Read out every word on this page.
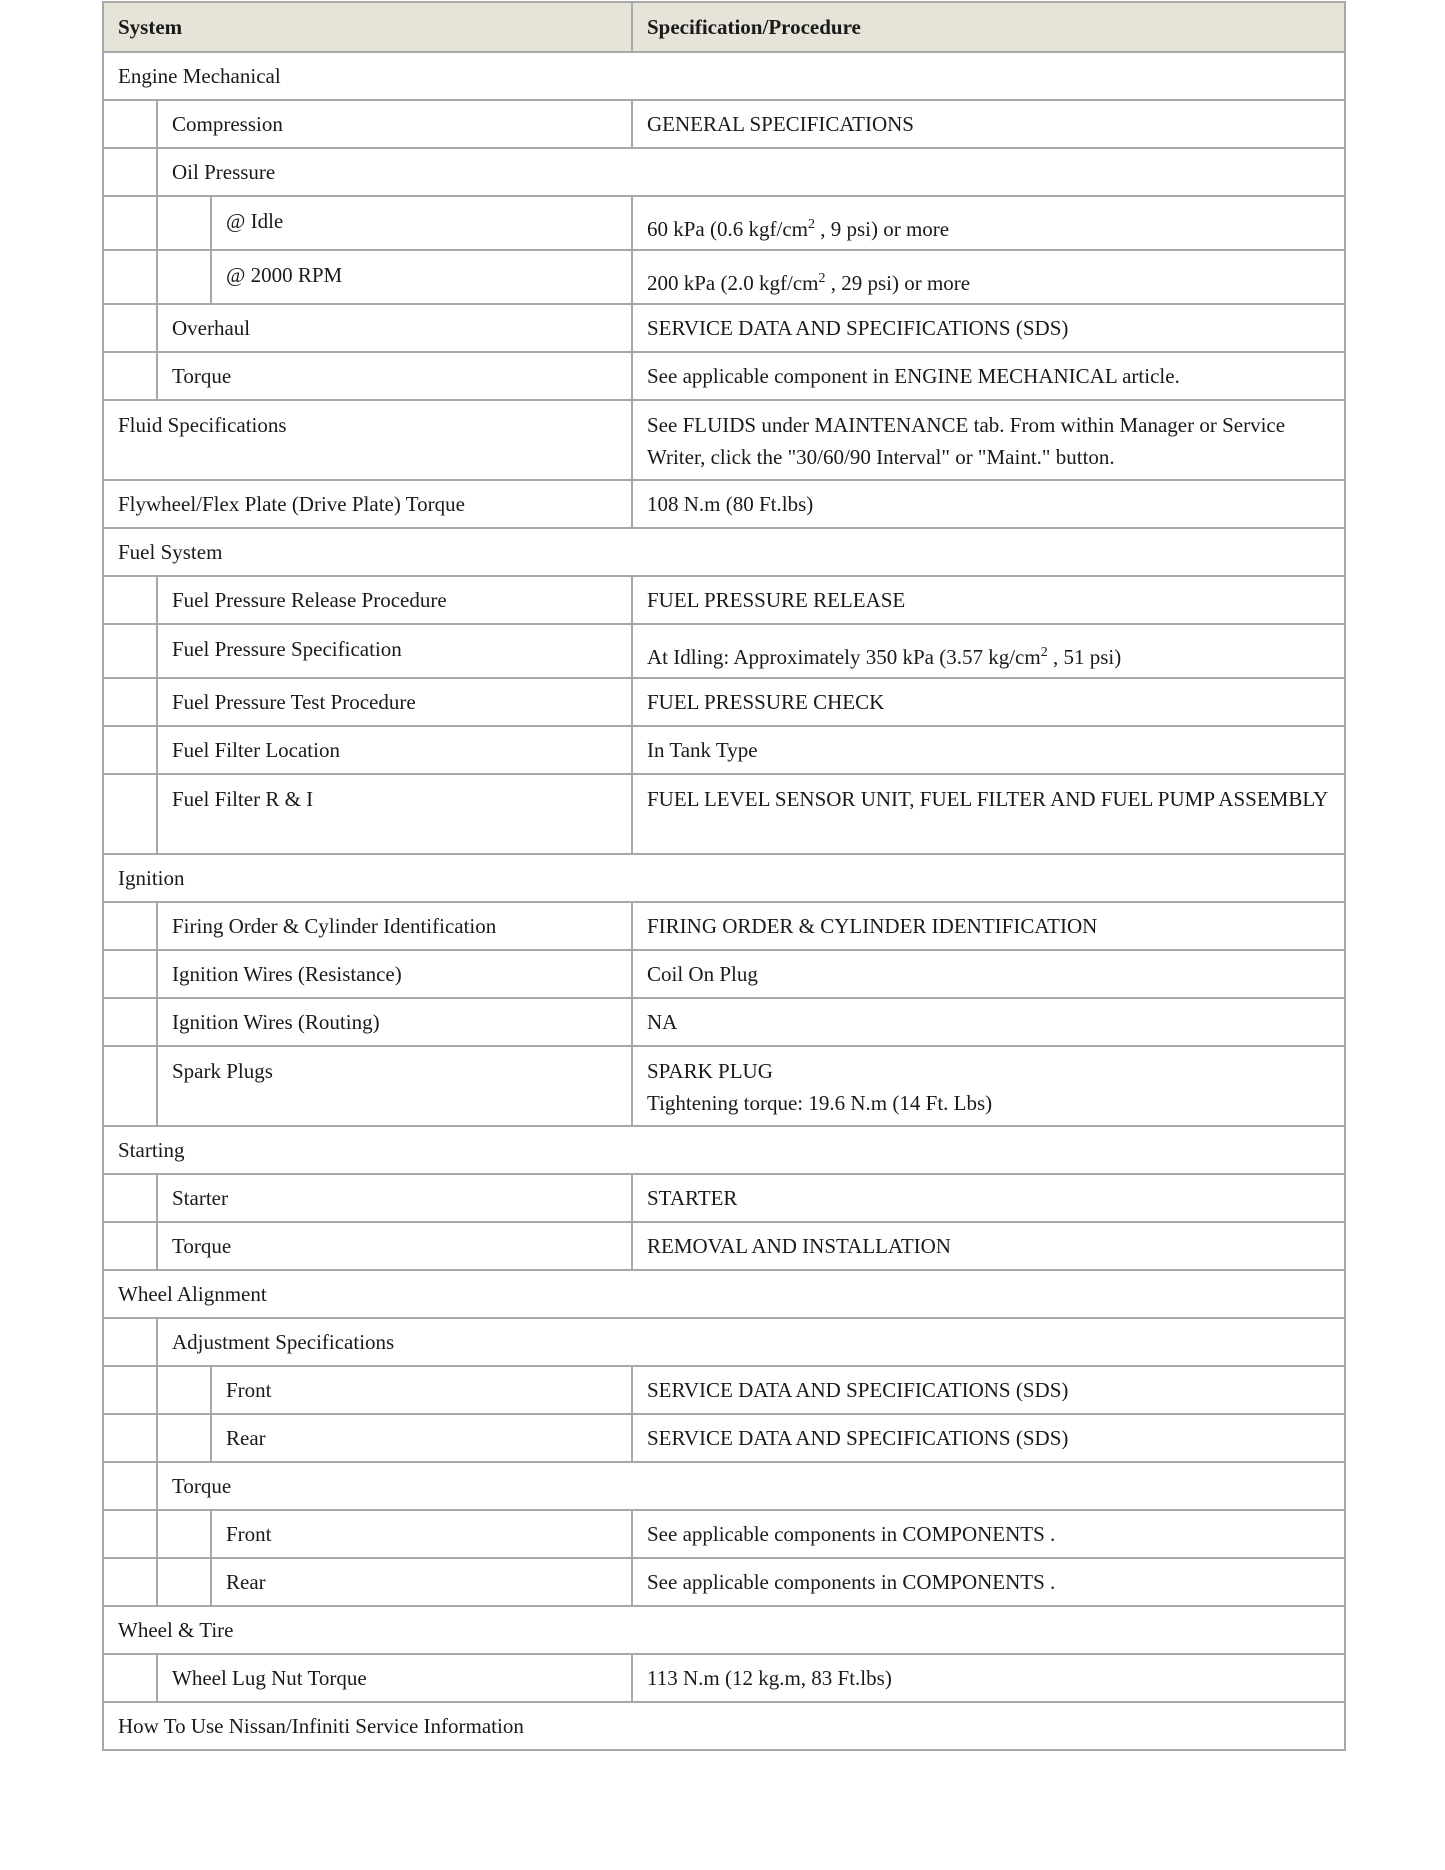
System			Specification/Procedure
Engine Mechanical			
	Compression		GENERAL SPECIFICATIONS
	Oil Pressure		
		@ Idle	60 kPa (0.6 kgf/$cm^2$ , 9 psi) or more
		@ 2000 RPM	200 kPa (2.0 kgf/$cm^2$ , 29 psi) or more
	Overhaul		SERVICE DATA AND SPECIFICATIONS (SDS)
	Torque		See applicable component in ENGINE MECHANICAL article.
Fluid Specifications			See FLUIDS under MAINTENANCE tab. From within Manager or Service Writer, click the "30/60/90 Interval" or "Maint." button.
Flywheel/Flex Plate (Drive Plate) Torque			108 N.m (80 Ft.lbs)
Fuel System			
	Fuel Pressure Release Procedure		FUEL PRESSURE RELEASE
	Fuel Pressure Specification		At Idling: Approximately 350 kPa (3.57 $kg/cm^2$ , 51 psi)
	Fuel Pressure Test Procedure		FUEL PRESSURE CHECK
	Fuel Filter Location		In Tank Type
	Fuel Filter R & I		FUEL LEVEL SENSOR UNIT, FUEL FILTER AND FUEL PUMP ASSEMBLY
Ignition			
	Firing Order & Cylinder Identification		FIRING ORDER & CYLINDER IDENTIFICATION
	Ignition Wires (Resistance)		Coil On Plug
	Ignition Wires (Routing)		NA
	Spark Plugs		SPARK PLUG
Tightening torque: 19.6 N.m (14 Ft. Lbs)

Starting			
	Starter		STARTER
	Torque		REMOVAL AND INSTALLATION
Wheel Alignment			
	Adjustment Specifications		
		Front	SERVICE DATA AND SPECIFICATIONS (SDS)
		Rear	SERVICE DATA AND SPECIFICATIONS (SDS)
	Torque		
		Front	See applicable components in COMPONENTS .
		Rear	See applicable components in COMPONENTS .
Wheel & Tire			
	Wheel Lug Nut Torque		113 N.m (12 kg.m, 83 Ft.lbs)
How To Use Nissan/Infiniti Service Information			
